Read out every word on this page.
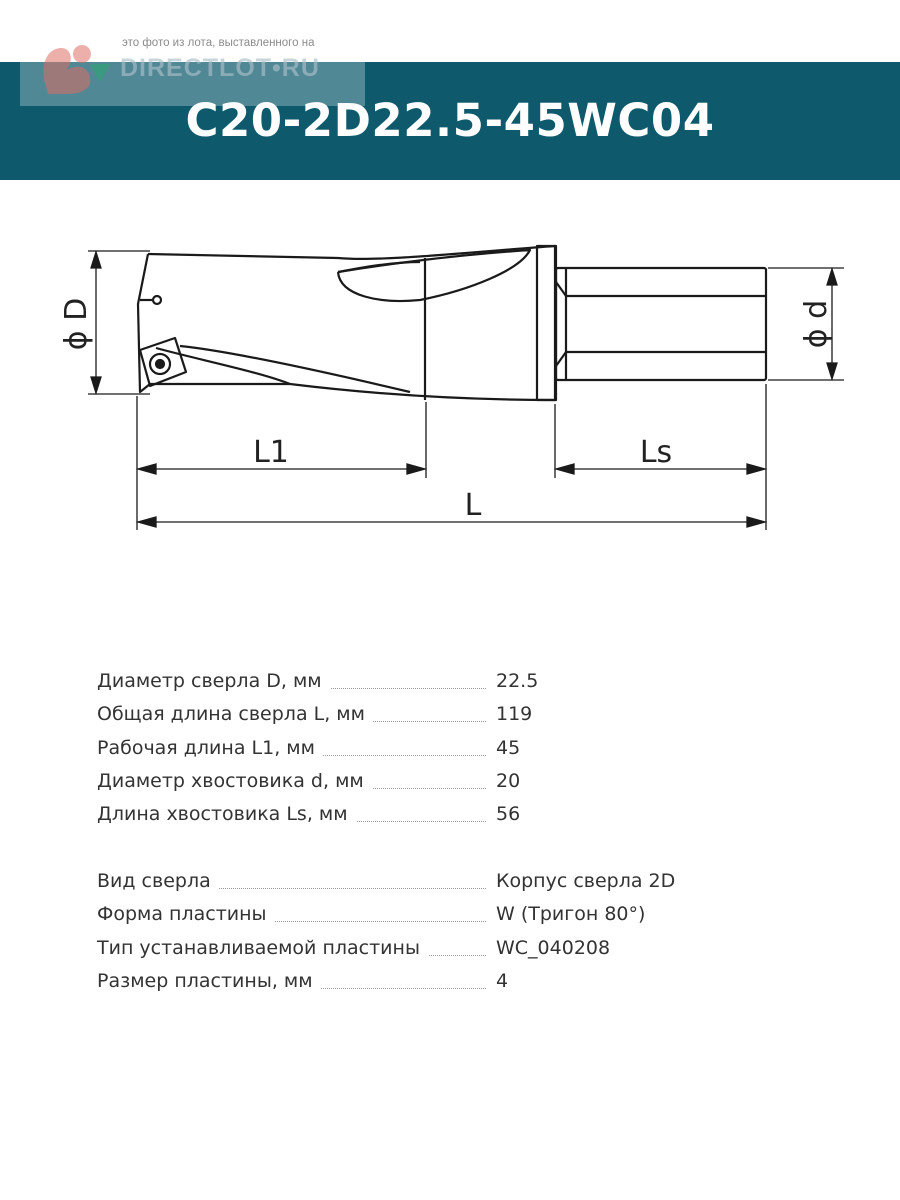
C20-2D22.5-45WC04
это фото из лота, выставленного на
DIRECTLOT•RU
ϕ D	ϕ d
L1	Ls
L
Диаметр сверла D, мм	22.5
Общая длина сверла L, мм	119
Рабочая длина L1, мм	45
Диаметр хвостовика d, мм	20
Длина хвостовика Ls, мм	56
Вид сверла	Корпус сверла 2D
Форма пластины	W (Тригон 80°)
Тип устанавливаемой пластины	WC_040208
Размер пластины, мм	4
